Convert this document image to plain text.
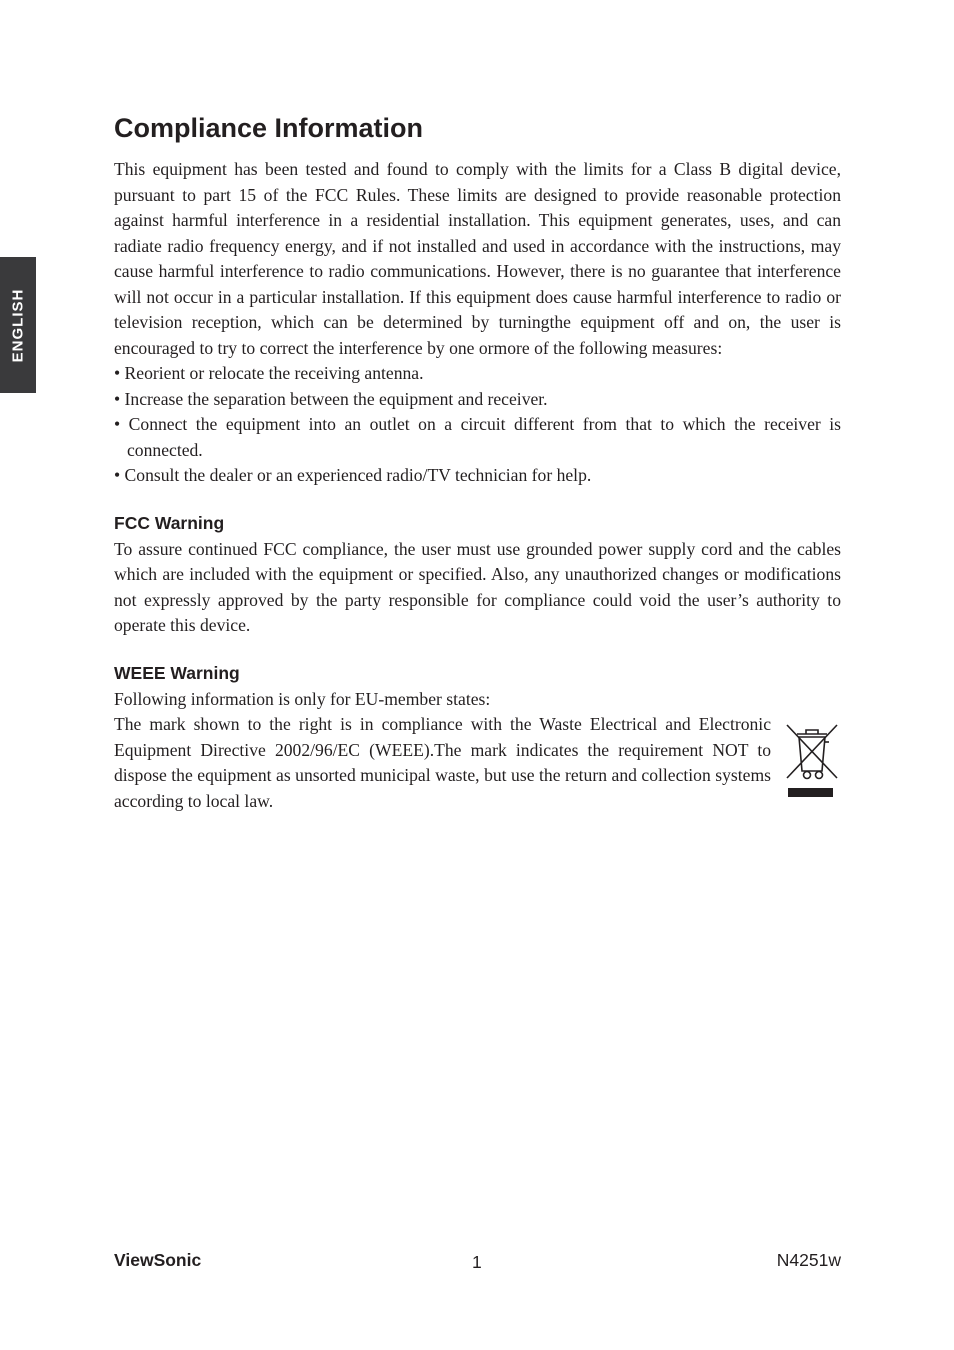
ENGLISH
Compliance Information

This equipment has been tested and found to comply with the limits for a Class B digital device, pursuant to part 15 of the FCC Rules. These limits are designed to provide reasonable protection against harmful interference in a residential installation. This equipment generates, uses, and can radiate radio frequency energy, and if not installed and used in accordance with the instructions, may cause harmful interference to radio communications. However, there is no guarantee that interference will not occur in a particular installation. If this equipment does cause harmful interference to radio or television reception, which can be determined by turningthe equipment off and on, the user is encouraged to try to correct the interference by one ormore of the following measures:

• Reorient or relocate the receiving antenna.
• Increase the separation between the equipment and receiver.
• Connect the equipment into an outlet on a circuit different from that to which the receiver is connected.
• Consult the dealer or an experienced radio/TV technician for help.
FCC Warning

To assure continued FCC compliance, the user must use grounded power supply cord and the cables which are included with the equipment or specified. Also, any unauthorized changes or modifications not expressly approved by the party responsible for compliance could void the user’s authority to operate this device.

WEEE Warning

Following information is only for EU-member states:

The mark shown to the right is in compliance with the Waste Electrical and Electronic Equipment Directive 2002/96/EC (WEEE).The mark indicates the requirement NOT to dispose the equipment as unsorted municipal waste, but use the return and collection systems according to local law.

ViewSonic	1	N4251w
